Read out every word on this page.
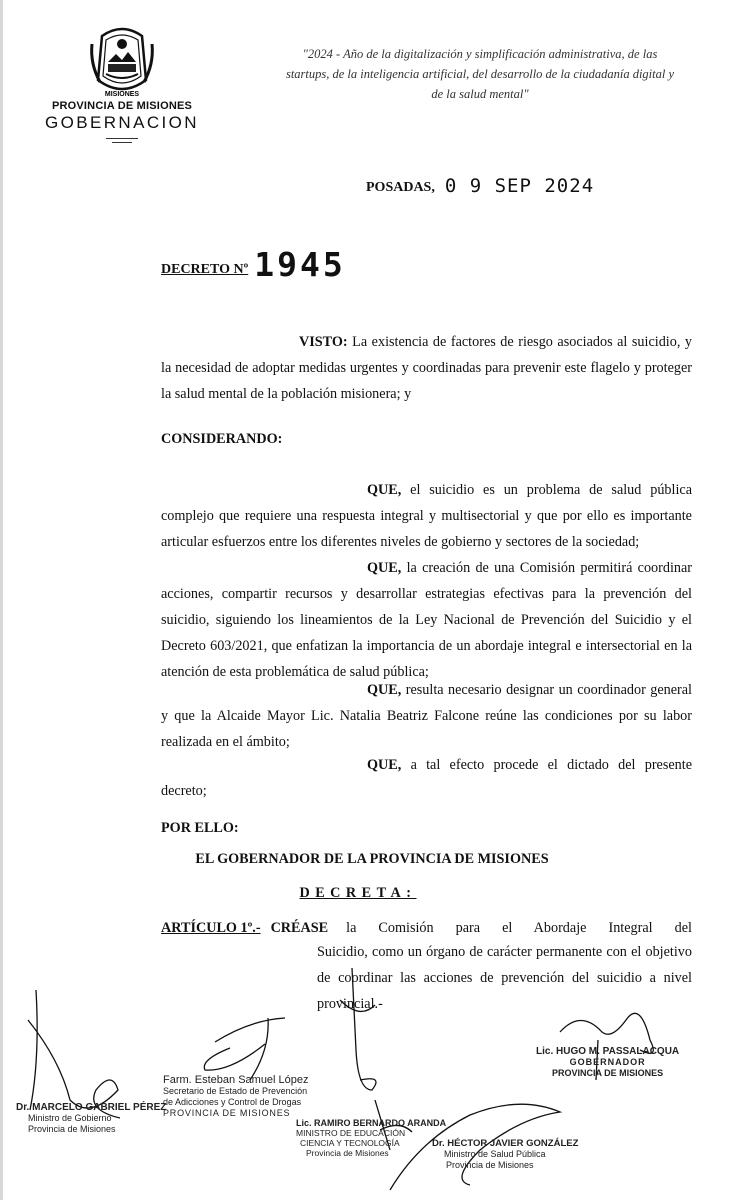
MISIONES
PROVINCIA DE MISIONES
GOBERNACION
"2024 - Año de la digitalización y simplificación administrativa, de las
startups, de la inteligencia artificial, del desarrollo de la ciudadanía digital y
de la salud mental"
POSADAS, 0 9 SEP 2024
DECRETO Nº 1945
VISTO: La existencia de factores de riesgo asociados al suicidio, y la necesidad de adoptar medidas urgentes y coordinadas para prevenir este flagelo y proteger la salud mental de la población misionera; y
CONSIDERANDO:
QUE, el suicidio es un problema de salud pública complejo que requiere una respuesta integral y multisectorial y que por ello es importante articular esfuerzos entre los diferentes niveles de gobierno y sectores de la sociedad;
QUE, la creación de una Comisión permitirá coordinar acciones, compartir recursos y desarrollar estrategias efectivas para la prevención del suicidio, siguiendo los lineamientos de la Ley Nacional de Prevención del Suicidio y el Decreto 603/2021, que enfatizan la importancia de un abordaje integral e intersectorial en la atención de esta problemática de salud pública;
QUE, resulta necesario designar un coordinador general y que la Alcaide Mayor Lic. Natalia Beatriz Falcone reúne las condiciones por su labor realizada en el ámbito;
QUE, a tal efecto procede el dictado del presente decreto;
POR ELLO:
EL GOBERNADOR DE LA PROVINCIA DE MISIONES
DECRETA:
ARTÍCULO 1º.- CRÉASE la Comisión para el Abordaje Integral del
Suicidio, como un órgano de carácter permanente con el objetivo de coordinar las acciones de prevención del suicidio a nivel provincial.-
Dr. MARCELO GABRIEL PÉREZ
Ministro de Gobierno
Provincia de Misiones
Farm. Esteban Samuel López
Secretario de Estado de Prevención
de Adicciones y Control de Drogas
PROVINCIA DE MISIONES
Lic. RAMIRO BERNARDO ARANDA
MINISTRO DE EDUCACIÓN
CIENCIA Y TECNOLOGÍA
Provincia de Misiones
Dr. HÉCTOR JAVIER GONZÁLEZ
Ministro de Salud Pública
Provincia de Misiones
Lic. HUGO M. PASSALACQUA
GOBERNADOR
PROVINCIA DE MISIONES
